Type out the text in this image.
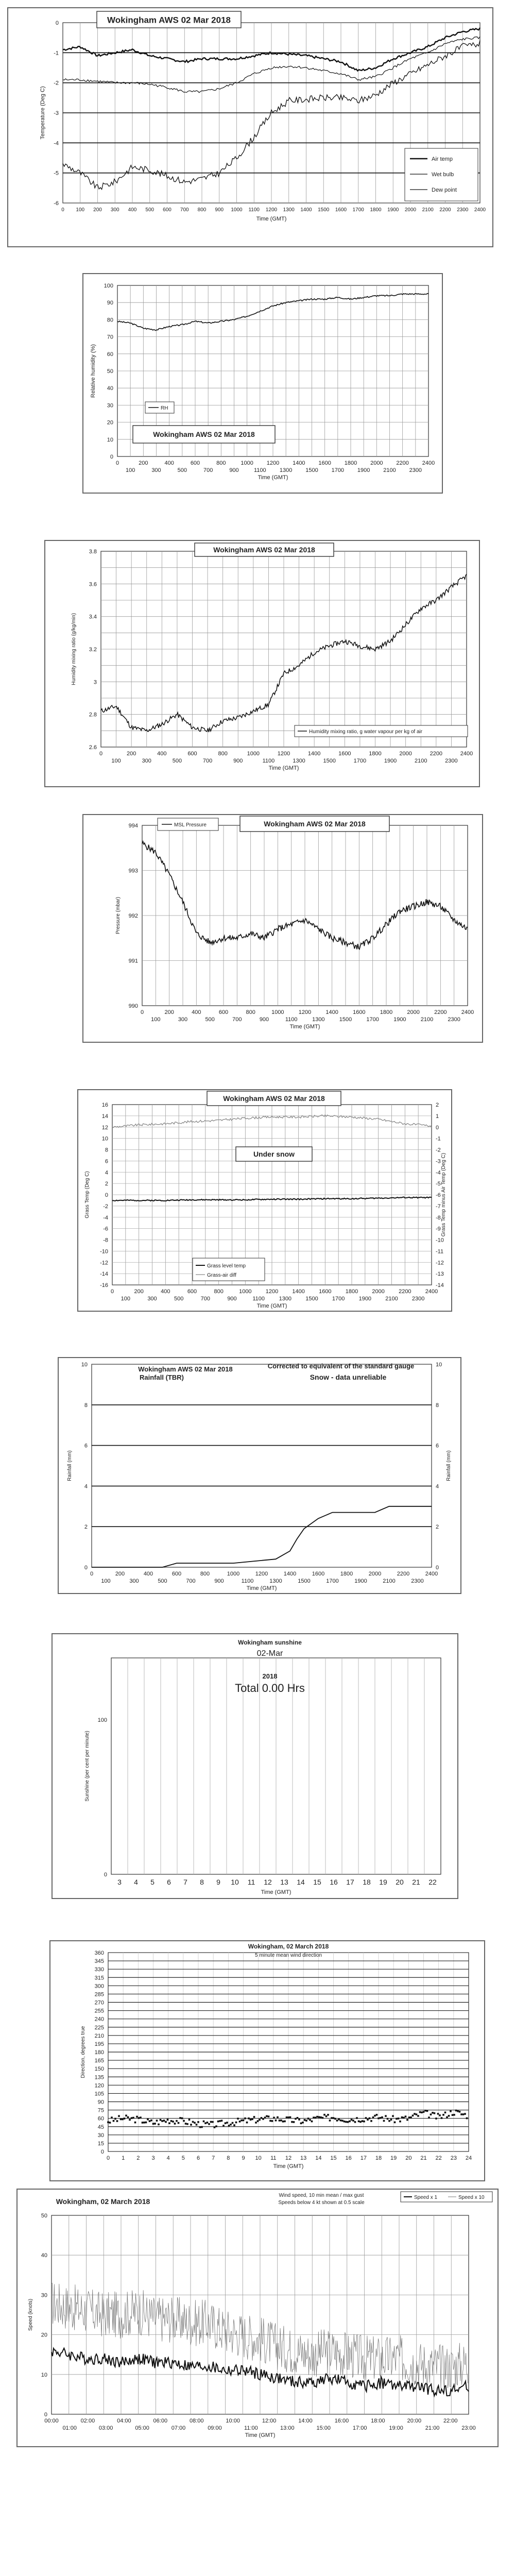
0
-1
-2
-3
-4
-5
-6
0 100 200 300 400 500 600 700 800 900 1000 1100 1200 1300 1400 1500 1600 1700 1800 1900 2000 2100 2200 2300 2400
Time (GMT)
Temperature (Deg C)
Wokingham AWS 02 Mar 2018
Air temp
Wet bulb
Dew point
100
90
80
70
60
50
40
30
20
10
0
0	200	400	600	800	1000 1200 1400 1600 1800 2000 2200 2400
100	300	500	700	900	1100 1300 1500 1700 1900 2100 2300
Time (GMT)
Relative humidity (%)
RH
Wokingham AWS 02 Mar 2018
3.8
3.6
3.4
3.2
3
2.8
2.6
0	200	400	600	800	1000	1200	1400	1600	1800	2000	2200	2400
100	300	500	700	900	1100	1300	1500	1700	1900	2100	2300
Time (GMT)
Humidity mixing ratio (g/kg/min)
Wokingham AWS 02 Mar 2018
Humidity mixing ratio, g water vapour per kg of air
994
993
992
991
990
0	200	400	600	800	1000	1200	1400	1600	1800	2000	2200	2400
100	300	500	700	900	1100	1300	1500	1700	1900	2100	2300
Time (GMT)
Pressure (mbar)
MSL Pressure	Wokingham AWS 02 Mar 2018
16
14
12
10
8
6
4
2
0
-2
-4
-6
-8
-10
-12
-14
-16
2
1
0
-1
-2
-3
-4
-5
-6
-7
-8
-9
-10
-11
-12
-13
-14
0	200	400	600	800	1000 1200 1400 1600 1800 2000 2200 2400
100	300	500	700	900	1100	1300 1500 1700 1900 2100 2300
Time (GMT)
Grass Temp (Deg C)	Grass Temp minus Air Temp (Deg C)
Wokingham AWS 02 Mar 2018
Under snow
Grass level temp
Grass-air diff
10
8
6
4
2
0
10
8
6
4
2
0
0	200	400	600	800	1000	1200	1400	1600	1800	2000	2200	2400
100	300	500	700	900	1100	1300	1500	1700	1900	2100	2300
Time (GMT)
Rainfall (mm)	Rainfall (mm)
Wokingham AWS 02 Mar 2018
Rainfall (TBR)
Corrected to equivalent of the standard gauge
Snow - data unreliable
100
0
3 4 5 6 7 8 9 10 11 12 13 14 15 16 17 18 19 20 21 22
Time (GMT)
Sunshine (per cent per minute)
Wokingham sunshine
02-Mar
2018
Total 0.00 Hrs
360
345
330
315
300
285
270
255
240
225
210
195
180
165
150
135
120
105
90
75
60
45
30
15
0
0 1 2 3 4 5 6 7 8 9 10 11 12 13 14 15 16 17 18 19 20 21 22 23 24
Time (GMT)
Direction, degrees true
Wokingham, 02 March 2018
5 minute mean wind direction
50
40
30
20
10
0
00:00	02:00	04:00	06:00	08:00	10:00	12:00	14:00	16:00	18:00	20:00	22:00
01:00	03:00	05:00	07:00	09:00	11:00	13:00	15:00	17:00	19:00	21:00	23:00
Time (GMT)
Speed (knots)
Wokingham, 02 March 2018
Wind speed, 10 min mean / max gust
Speeds below 4 kt shown at 0.5 scale
Speed x 1	Speed x 10
